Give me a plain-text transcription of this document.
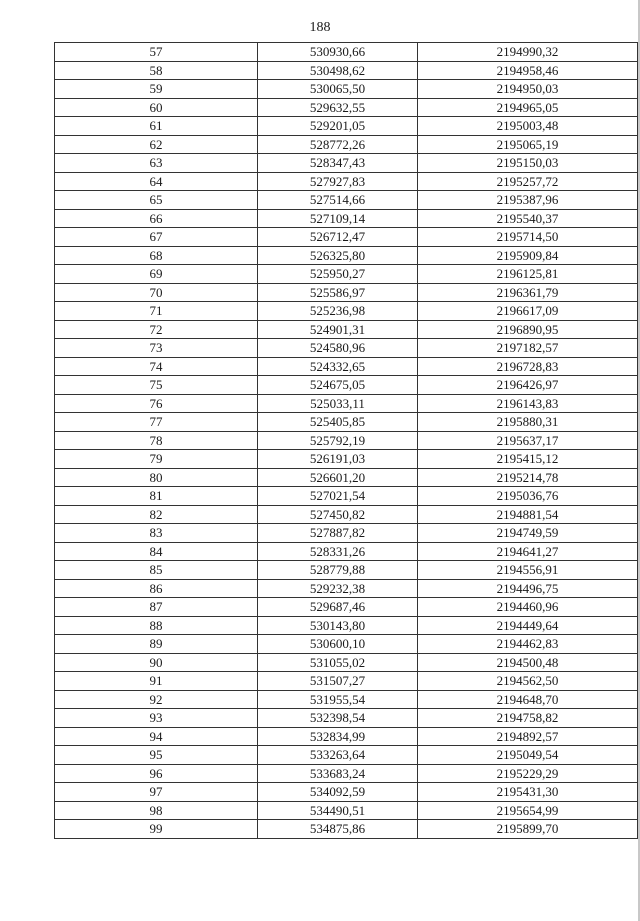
188
57	530930,66	2194990,32
58	530498,62	2194958,46
59	530065,50	2194950,03
60	529632,55	2194965,05
61	529201,05	2195003,48
62	528772,26	2195065,19
63	528347,43	2195150,03
64	527927,83	2195257,72
65	527514,66	2195387,96
66	527109,14	2195540,37
67	526712,47	2195714,50
68	526325,80	2195909,84
69	525950,27	2196125,81
70	525586,97	2196361,79
71	525236,98	2196617,09
72	524901,31	2196890,95
73	524580,96	2197182,57
74	524332,65	2196728,83
75	524675,05	2196426,97
76	525033,11	2196143,83
77	525405,85	2195880,31
78	525792,19	2195637,17
79	526191,03	2195415,12
80	526601,20	2195214,78
81	527021,54	2195036,76
82	527450,82	2194881,54
83	527887,82	2194749,59
84	528331,26	2194641,27
85	528779,88	2194556,91
86	529232,38	2194496,75
87	529687,46	2194460,96
88	530143,80	2194449,64
89	530600,10	2194462,83
90	531055,02	2194500,48
91	531507,27	2194562,50
92	531955,54	2194648,70
93	532398,54	2194758,82
94	532834,99	2194892,57
95	533263,64	2195049,54
96	533683,24	2195229,29
97	534092,59	2195431,30
98	534490,51	2195654,99
99	534875,86	2195899,70
